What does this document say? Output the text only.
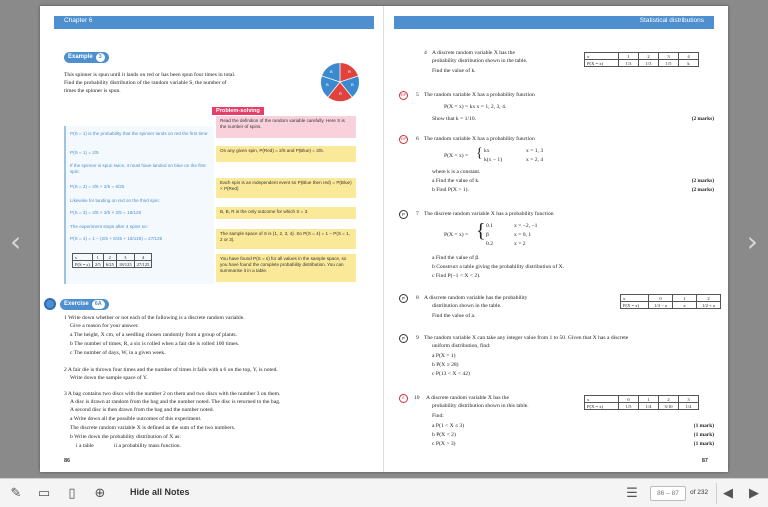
‹	›
Chapter 6
Example 3
This spinner is spun until it lands on red or has been spun four times in total.
Find the probability distribution of the random variable S, the number of
times the spinner is spun.
R
B
R
B
B
Problem-solving
Read the definition of the random variable carefully. Here S is the number of spins.
P(S = 1) is the probability that the spinner lands on red the first time:
P(S = 1) = 2/5
If the spinner is spun twice, it must have landed on blue on the first spin:
P(S = 2) = 3/5 × 2/5 = 6/25
Likewise for landing on red on the third spin:
P(S = 3) = 3/5 × 3/5 × 2/5 = 18/125
The experiment stops after 4 spins so:
P(S = 4) = 1 − (2/5 + 6/25 + 18/125) = 27/125
s	1	2	3	4
P(S = s)	2/5	6/25	18/125	27/125
On any given spin, P(Red) = 2/5 and P(Blue) = 3/5.
Each spin is an independent event so P(Blue then red) = P(Blue) × P(Red)
B, B, R is the only outcome for which S = 3.
The sample space of S is {1, 2, 3, 4}. So P(S = 4) = 1 − P(S = 1, 2 or 3).
You have found P(S = s) for all values in the sample space, so you have found the complete probability distribution. You can summarise it in a table.
Exercise 6A
1 Write down whether or not each of the following is a discrete random variable.
Give a reason for your answer.
a The height, X cm, of a seedling chosen randomly from a group of plants.
b The number of times, R, a six is rolled when a fair die is rolled 100 times.
c The number of days, W, in a given week.
2 A fair die is thrown four times and the number of times it falls with a 6 on the top, Y, is noted.
Write down the sample space of Y.
3 A bag contains two discs with the number 2 on them and two discs with the number 3 on them.
A disc is drawn at random from the bag and the number noted. The disc is returned to the bag.
A second disc is then drawn from the bag and the number noted.
a Write down all the possible outcomes of this experiment.
The discrete random variable X is defined as the sum of the two numbers.
b Write down the probability distribution of X as:
i a table	ii a probability mass function.
86
Statistical distributions
4 A discrete random variable X has the
probability distribution shown in the table.
Find the value of k.
x	1	2	3	4
P(X = x)	1/3	1/3	1/5	k
E/P 5 The random variable X has a probability function
P(X = x) = kx x = 1, 2, 3, 4.
Show that k = 1/10.	(2 marks)
E/P 6 The random variable X has a probability function
P(X = x) = { kx	x = 1, 3
k(x − 1)	x = 2, 4
where k is a constant.
a Find the value of k.
b Find P(X > 1).
(2 marks)
(2 marks)
P	7 The discrete random variable X has a probability function
P(X = x) = { 0.1
β
0.2
x = −2, −1
x = 0, 1
x = 2
a Find the value of β.
b Construct a table giving the probability distribution of X.
c Find P(−1 < X < 2).
P	8 A discrete random variable has the probability
distribution shown in the table.
Find the value of a.
x	0	1	2
P(X = x)	1/4 − a	a	1/2 + a
P	9 The random variable X can take any integer value from 1 to 50. Given that X has a discrete
uniform distribution, find:
a P(X = 1)
b P(X ≥ 28)
c P(13 < X < 42)
E	10 A discrete random variable X has the
probability distribution shown in this table.
Find:
a P(1 < X ≤ 3)
b P(X < 2)
c P(X > 3)
(1 mark)
(1 mark)
(1 mark)
x	0	1	2	3
P(X = x)	1/5	1/4	3/10	1/4
87
✎ ▭	▯	⊕	Hide all Notes	☰	86 – 87	of 232 ◀ ▶
